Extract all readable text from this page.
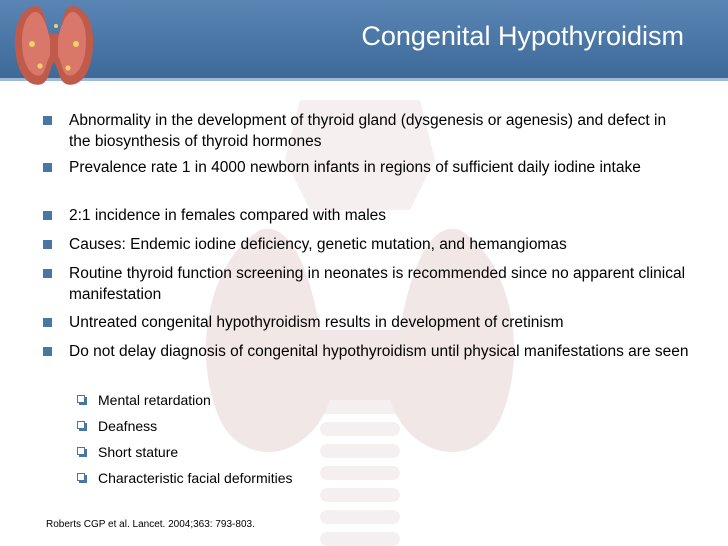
Congenital Hypothyroidism
Abnormality in the development of thyroid gland (dysgenesis or agenesis) and defect in the biosynthesis of thyroid hormones
Prevalence rate 1 in 4000 newborn infants in regions of sufficient daily iodine intake
2:1 incidence in females compared with males
Causes: Endemic iodine deficiency, genetic mutation, and hemangiomas
Routine thyroid function screening in neonates is recommended since no apparent clinical manifestation
Untreated congenital hypothyroidism results in development of cretinism
Do not delay diagnosis of congenital hypothyroidism until physical manifestations are seen
Mental retardation
Deafness
Short stature
Characteristic facial deformities
Roberts CGP et al. Lancet. 2004;363: 793-803.
